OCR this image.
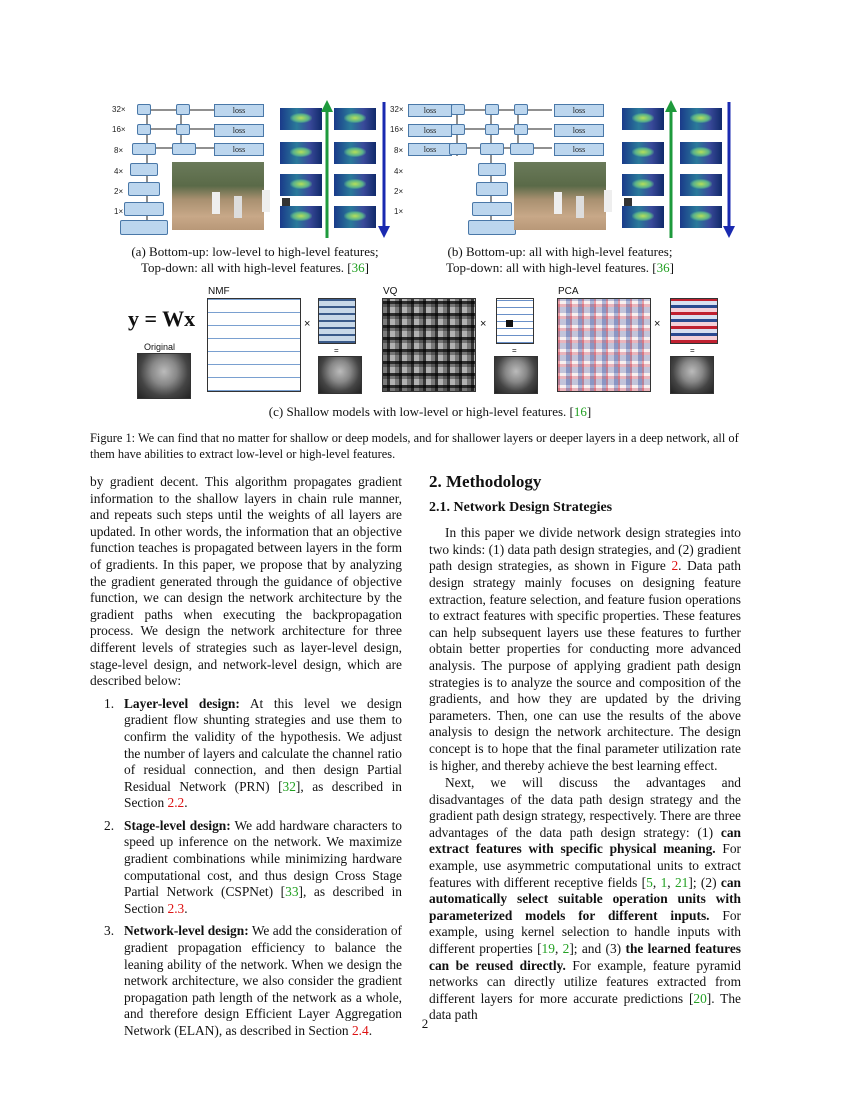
32×
16×
8×
4×
2×
1×
loss
loss
loss
(a) Bottom-up: low-level to high-level features;
Top-down: all with high-level features. [36]
32×
16×
8×
4×
2×
1×
loss
loss
loss
loss
loss
loss
(b) Bottom-up: all with high-level features;
Top-down: all with high-level features. [36]
y = Wx
Original
NMF
×
=
VQ
×
=
PCA
×
=
(c) Shallow models with low-level or high-level features. [16]
Figure 1: We can find that no matter for shallow or deep models, and for shallower layers or deeper layers in a deep network, all of them have abilities to extract low-level or high-level features.

by gradient decent. This algorithm propagates gradient information to the shallow layers in chain rule manner, and repeats such steps until the weights of all layers are updated. In other words, the information that an objective function teaches is propagated between layers in the form of gradients. In this paper, we propose that by analyzing the gradient generated through the guidance of objective function, we can design the network architecture by the gradient paths when executing the backpropagation process. We design the network architecture for three different levels of strategies such as layer-level design, stage-level design, and network-level design, which are described below:

1. Layer-level design: At this level we design gradient flow shunting strategies and use them to confirm the validity of the hypothesis. We adjust the number of layers and calculate the channel ratio of residual connection, and then design Partial Residual Network (PRN) [32], as described in Section 2.2.
2. Stage-level design: We add hardware characters to speed up inference on the network. We maximize gradient combinations while minimizing hardware computational cost, and thus design Cross Stage Partial Network (CSPNet) [33], as described in Section 2.3.
3. Network-level design: We add the consideration of gradient propagation efficiency to balance the leaning ability of the network. When we design the network architecture, we also consider the gradient propagation path length of the network as a whole, and therefore design Efficient Layer Aggregation Network (ELAN), as described in Section 2.4.
2. Methodology
2.1. Network Design Strategies

In this paper we divide network design strategies into two kinds: (1) data path design strategies, and (2) gradient path design strategies, as shown in Figure 2. Data path design strategy mainly focuses on designing feature extraction, feature selection, and feature fusion operations to extract features with specific properties. These features can help subsequent layers use these features to further obtain better properties for conducting more advanced analysis. The purpose of applying gradient path design strategies is to analyze the source and composition of the gradients, and how they are updated by the driving parameters. Then, one can use the results of the above analysis to design the network architecture. The design concept is to hope that the final parameter utilization rate is higher, and thereby achieve the best learning effect.

Next, we will discuss the advantages and disadvantages of the data path design strategy and the gradient path design strategy, respectively. There are three advantages of the data path design strategy: (1) can extract features with specific physical meaning. For example, use asymmetric computational units to extract features with different receptive fields [5, 1, 21]; (2) can automatically select suitable operation units with parameterized models for different inputs. For example, using kernel selection to handle inputs with different properties [19, 2]; and (3) the learned features can be reused directly. For example, feature pyramid networks can directly utilize features extracted from different layers for more accurate predictions [20]. The data path

2
